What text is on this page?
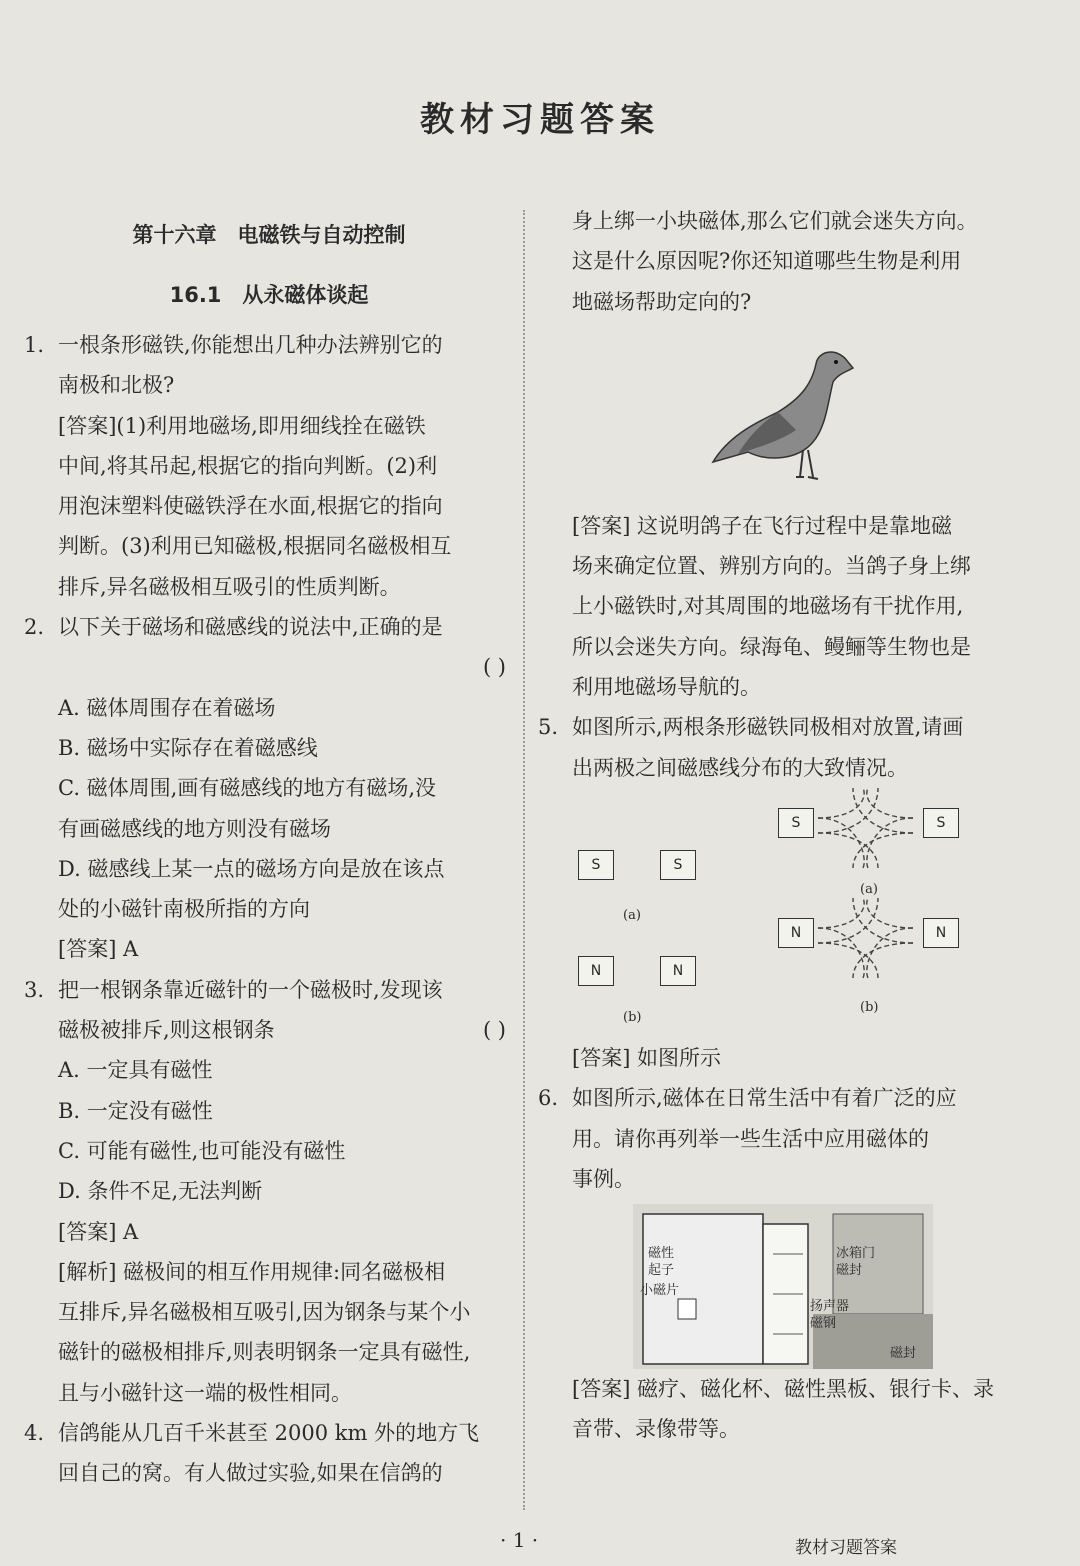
教材习题答案
第十六章　电磁铁与自动控制
16.1　从永磁体谈起
1. 一根条形磁铁,你能想出几种办法辨别它的
南极和北极?
[答案](1)利用地磁场,即用细线拴在磁铁
中间,将其吊起,根据它的指向判断。(2)利
用泡沫塑料使磁铁浮在水面,根据它的指向
判断。(3)利用已知磁极,根据同名磁极相互
排斥,异名磁极相互吸引的性质判断。
2. 以下关于磁场和磁感线的说法中,正确的是
( )
A. 磁体周围存在着磁场
B. 磁场中实际存在着磁感线
C. 磁体周围,画有磁感线的地方有磁场,没
有画磁感线的地方则没有磁场
D. 磁感线上某一点的磁场方向是放在该点
处的小磁针南极所指的方向
[答案] A
3. 把一根钢条靠近磁针的一个磁极时,发现该
磁极被排斥,则这根钢条	( )
A. 一定具有磁性
B. 一定没有磁性
C. 可能有磁性,也可能没有磁性
D. 条件不足,无法判断
[答案] A
[解析] 磁极间的相互作用规律:同名磁极相
互排斥,异名磁极相互吸引,因为钢条与某个小
磁针的磁极相排斥,则表明钢条一定具有磁性,
且与小磁针这一端的极性相同。
4. 信鸽能从几百千米甚至 2000 km 外的地方飞
回自己的窝。有人做过实验,如果在信鸽的
身上绑一小块磁体,那么它们就会迷失方向。
这是什么原因呢?你还知道哪些生物是利用
地磁场帮助定向的?
[答案] 这说明鸽子在飞行过程中是靠地磁
场来确定位置、辨别方向的。当鸽子身上绑
上小磁铁时,对其周围的地磁场有干扰作用,
所以会迷失方向。绿海龟、鳗鲡等生物也是
利用地磁场导航的。
5. 如图所示,两根条形磁铁同极相对放置,请画
出两极之间磁感线分布的大致情况。
S	S
(a)
N	N
(b)
S	S
(a)
N	N
(b)
[答案] 如图所示
6. 如图所示,磁体在日常生活中有着广泛的应
用。请你再列举一些生活中应用磁体的
事例。
磁性
起子
小磁片
冰箱门
磁封
扬声器
磁钢
磁封
[答案] 磁疗、磁化杯、磁性黑板、银行卡、录
音带、录像带等。
· 1 ·	教材习题答案
